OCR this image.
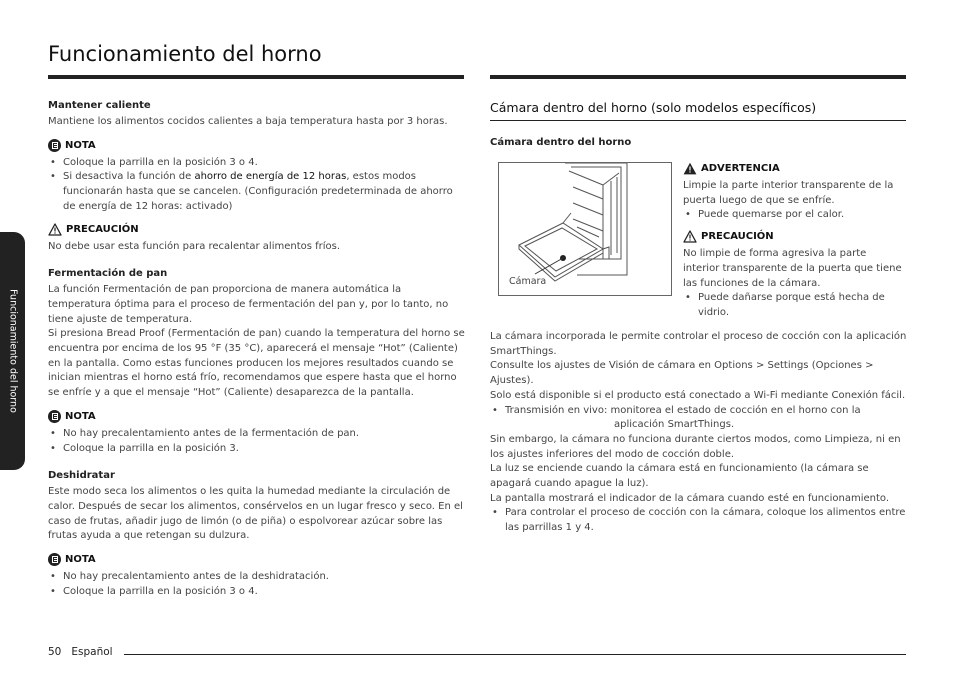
Funcionamiento del horno
Funcionamiento del horno
Mantener caliente
Mantiene los alimentos cocidos calientes a baja temperatura hasta por 3 horas.
NOTA
• Coloque la parrilla en la posición 3 o 4.
• Si desactiva la función de ahorro de energía de 12 horas, estos modos funcionarán hasta que se cancelen. (Configuración predeterminada de ahorro de energía de 12 horas: activado)
PRECAUCIÓN
No debe usar esta función para recalentar alimentos fríos.
Fermentación de pan
La función Fermentación de pan proporciona de manera automática la temperatura óptima para el proceso de fermentación del pan y, por lo tanto, no tiene ajuste de temperatura.
Si presiona Bread Proof (Fermentación de pan) cuando la temperatura del horno se encuentra por encima de los 95 °F (35 °C), aparecerá el mensaje “Hot” (Caliente) en la pantalla. Como estas funciones producen los mejores resultados cuando se inician mientras el horno está frío, recomendamos que espere hasta que el horno se enfríe y a que el mensaje “Hot” (Caliente) desaparezca de la pantalla.
NOTA
• No hay precalentamiento antes de la fermentación de pan.
• Coloque la parrilla en la posición 3.
Deshidratar
Este modo seca los alimentos o les quita la humedad mediante la circulación de calor. Después de secar los alimentos, consérvelos en un lugar fresco y seco. En el caso de frutas, añadir jugo de limón (o de piña) o espolvorear azúcar sobre las frutas ayuda a que retengan su dulzura.
NOTA
• No hay precalentamiento antes de la deshidratación.
• Coloque la parrilla en la posición 3 o 4.
Cámara dentro del horno (solo modelos específicos)
Cámara dentro del horno
Cámara
ADVERTENCIA
Limpie la parte interior transparente de la puerta luego de que se enfríe.
• Puede quemarse por el calor.
PRECAUCIÓN
No limpie de forma agresiva la parte interior transparente de la puerta que tiene las funciones de la cámara.
• Puede dañarse porque está hecha de vidrio.
La cámara incorporada le permite controlar el proceso de cocción con la aplicación SmartThings.
Consulte los ajustes de Visión de cámara en Options > Settings (Opciones > Ajustes).
Solo está disponible si el producto está conectado a Wi-Fi mediante Conexión fácil.
• Transmisión en vivo: monitorea el estado de cocción en el horno con la
aplicación SmartThings.
Sin embargo, la cámara no funciona durante ciertos modos, como Limpieza, ni en los ajustes inferiores del modo de cocción doble.
La luz se enciende cuando la cámara está en funcionamiento (la cámara se apagará cuando apague la luz).
La pantalla mostrará el indicador de la cámara cuando esté en funcionamiento.
• Para controlar el proceso de cocción con la cámara, coloque los alimentos entre las parrillas 1 y 4.
50 Español
